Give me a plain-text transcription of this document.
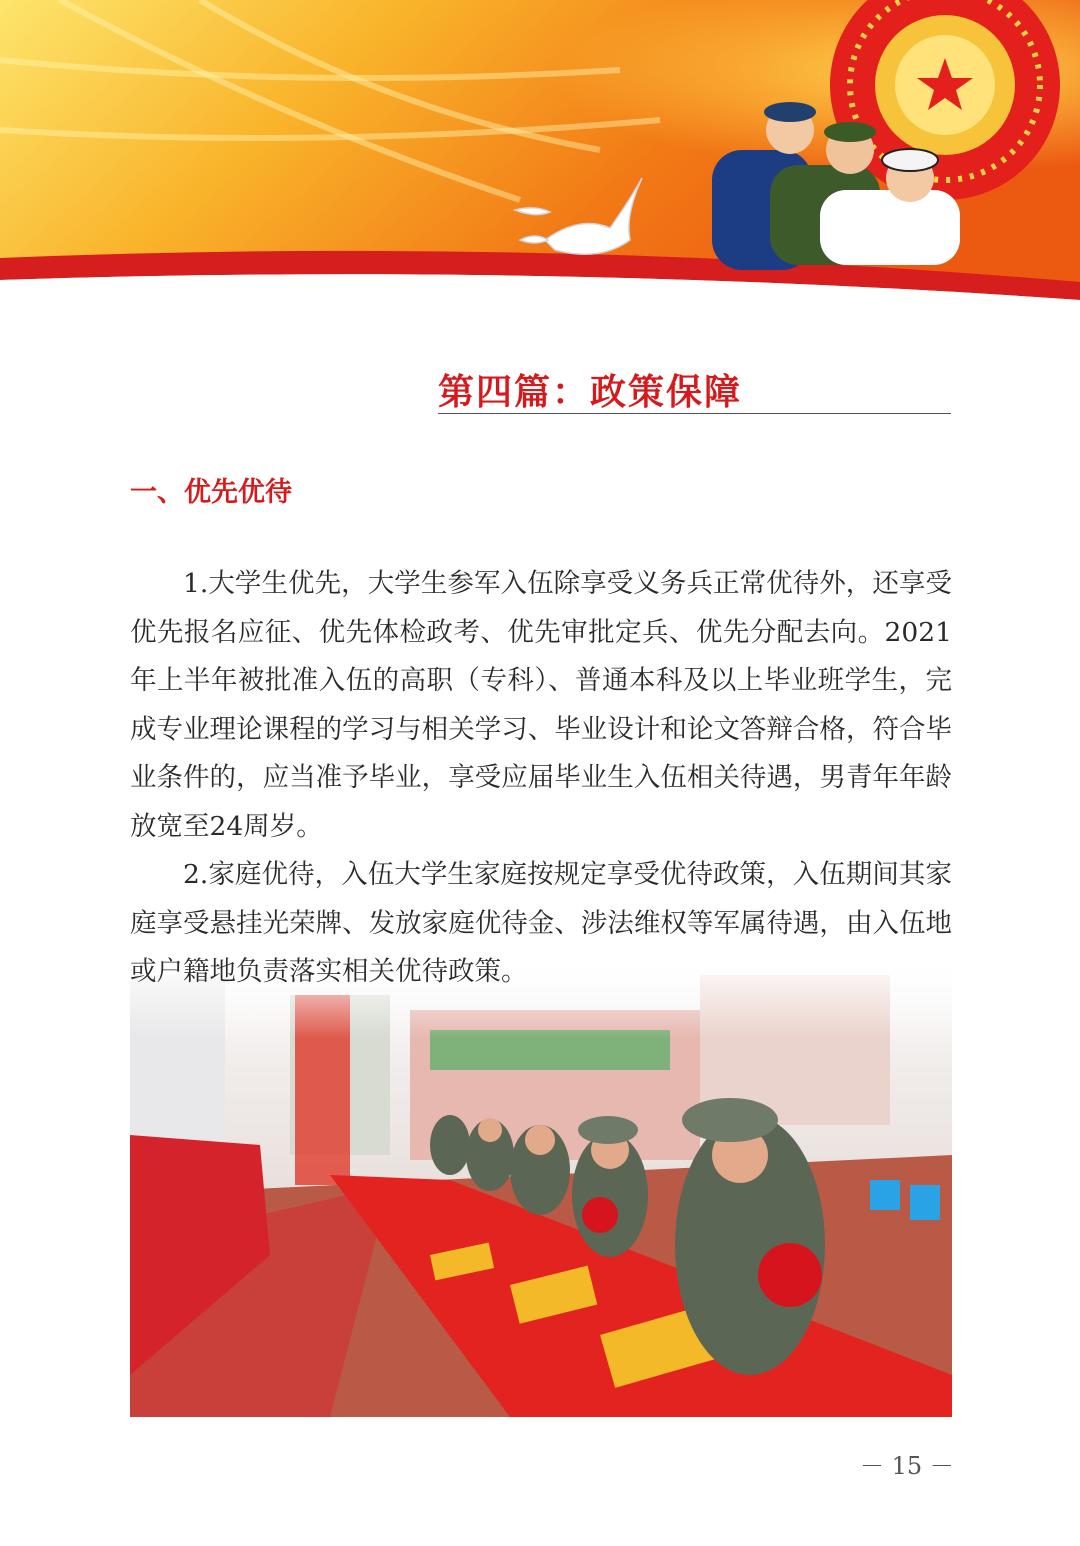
第四篇：政策保障
一、优先优待

1.大学生优先，大学生参军入伍除享受义务兵正常优待外，还享受优先报名应征、优先体检政考、优先审批定兵、优先分配去向。2021年上半年被批准入伍的高职（专科）、普通本科及以上毕业班学生，完成专业理论课程的学习与相关学习、毕业设计和论文答辩合格，符合毕业条件的，应当准予毕业，享受应届毕业生入伍相关待遇，男青年年龄放宽至24周岁。

2.家庭优待，入伍大学生家庭按规定享受优待政策，入伍期间其家庭享受悬挂光荣牌、发放家庭优待金、涉法维权等军属待遇，由入伍地或户籍地负责落实相关优待政策。

－ 15 －
